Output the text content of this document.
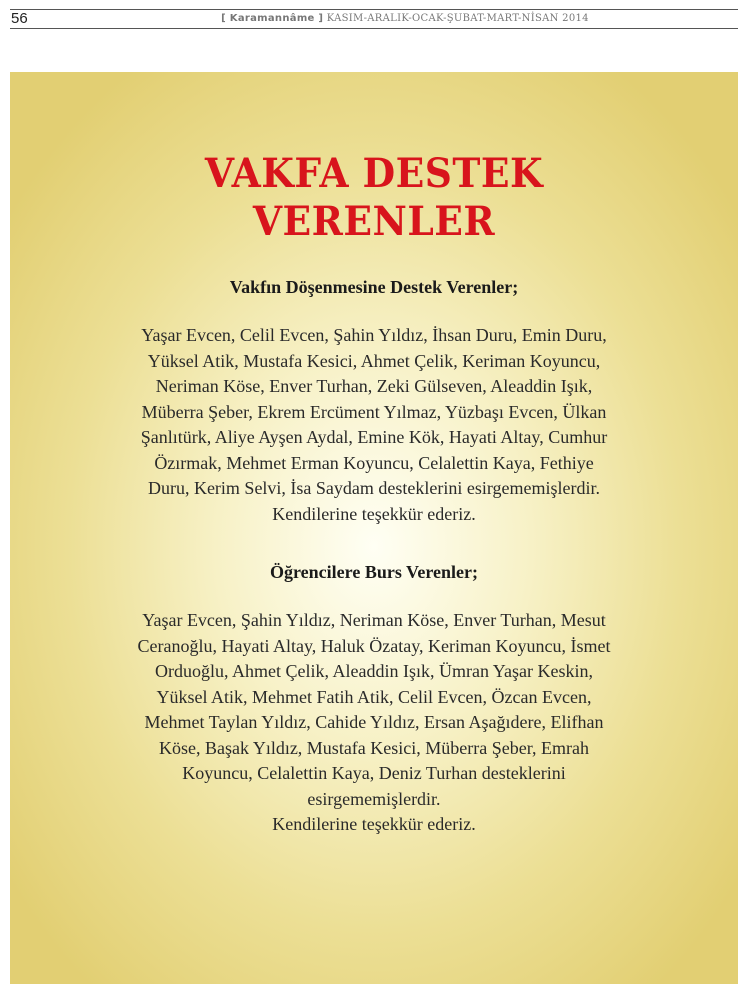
56	[ Karamannâme ] KASIM-ARALIK-OCAK-ŞUBAT-MART-NİSAN 2014
VAKFA DESTEK
VERENLER
Vakfın Döşenmesine Destek Verenler;
Yaşar Evcen, Celil Evcen, Şahin Yıldız, İhsan Duru, Emin Duru,
Yüksel Atik, Mustafa Kesici, Ahmet Çelik, Keriman Koyuncu,
Neriman Köse, Enver Turhan, Zeki Gülseven, Aleaddin Işık,
Müberra Şeber, Ekrem Ercüment Yılmaz, Yüzbaşı Evcen, Ülkan
Şanlıtürk, Aliye Ayşen Aydal, Emine Kök, Hayati Altay, Cumhur
Özırmak, Mehmet Erman Koyuncu, Celalettin Kaya, Fethiye
Duru, Kerim Selvi, İsa Saydam desteklerini esirgememişlerdir.
Kendilerine teşekkür ederiz.
Öğrencilere Burs Verenler;
Yaşar Evcen, Şahin Yıldız, Neriman Köse, Enver Turhan, Mesut
Ceranoğlu, Hayati Altay, Haluk Özatay, Keriman Koyuncu, İsmet
Orduoğlu, Ahmet Çelik, Aleaddin Işık, Ümran Yaşar Keskin,
Yüksel Atik, Mehmet Fatih Atik, Celil Evcen, Özcan Evcen,
Mehmet Taylan Yıldız, Cahide Yıldız, Ersan Aşağıdere, Elifhan
Köse, Başak Yıldız, Mustafa Kesici, Müberra Şeber, Emrah
Koyuncu, Celalettin Kaya, Deniz Turhan desteklerini
esirgememişlerdir.
Kendilerine teşekkür ederiz.
